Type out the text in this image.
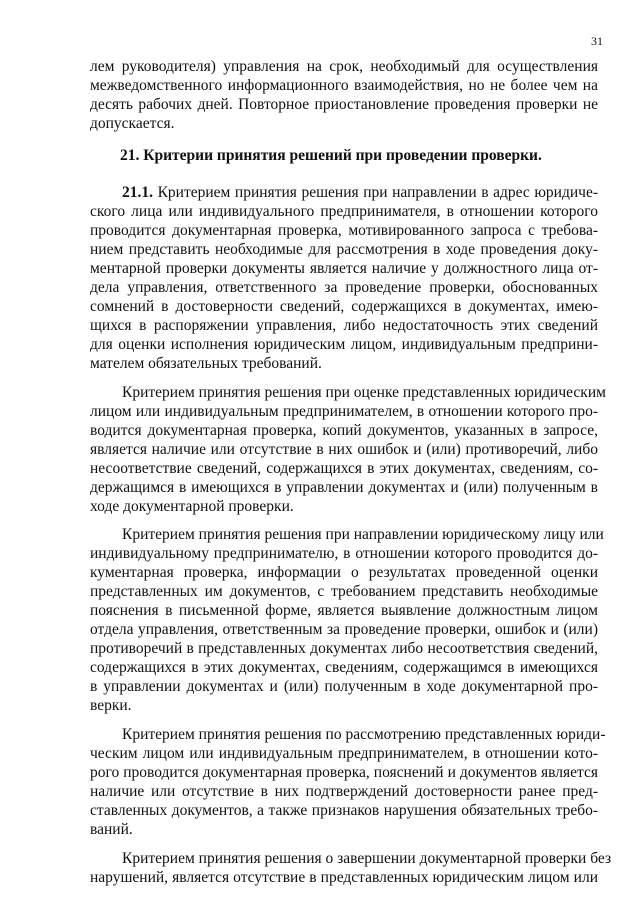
31
лем руководителя) управления на срок, необходимый для осуществления
межведомственного информационного взаимодействия, но не более чем на
десять рабочих дней. Повторное приостановление проведения проверки не
допускается.
21. Критерии принятия решений при проведении проверки.
21.1. Критерием принятия решения при направлении в адрес юридиче-
ского лица или индивидуального предпринимателя, в отношении которого
проводится документарная проверка, мотивированного запроса с требова-
нием представить необходимые для рассмотрения в ходе проведения доку-
ментарной проверки документы является наличие у должностного лица от-
дела управления, ответственного за проведение проверки, обоснованных
сомнений в достоверности сведений, содержащихся в документах, имею-
щихся в распоряжении управления, либо недостаточность этих сведений
для оценки исполнения юридическим лицом, индивидуальным предприни-
мателем обязательных требований.
Критерием принятия решения при оценке представленных юридическим
лицом или индивидуальным предпринимателем, в отношении которого про-
водится документарная проверка, копий документов, указанных в запросе,
является наличие или отсутствие в них ошибок и (или) противоречий, либо
несоответствие сведений, содержащихся в этих документах, сведениям, со-
держащимся в имеющихся в управлении документах и (или) полученным в
ходе документарной проверки.
Критерием принятия решения при направлении юридическому лицу или
индивидуальному предпринимателю, в отношении которого проводится до-
кументарная проверка, информации о результатах проведенной оценки
представленных им документов, с требованием представить необходимые
пояснения в письменной форме, является выявление должностным лицом
отдела управления, ответственным за проведение проверки, ошибок и (или)
противоречий в представленных документах либо несоответствия сведений,
содержащихся в этих документах, сведениям, содержащимся в имеющихся
в управлении документах и (или) полученным в ходе документарной про-
верки.
Критерием принятия решения по рассмотрению представленных юриди-
ческим лицом или индивидуальным предпринимателем, в отношении кото-
рого проводится документарная проверка, пояснений и документов является
наличие или отсутствие в них подтверждений достоверности ранее пред-
ставленных документов, а также признаков нарушения обязательных требо-
ваний.
Критерием принятия решения о завершении документарной проверки без
нарушений, является отсутствие в представленных юридическим лицом или
